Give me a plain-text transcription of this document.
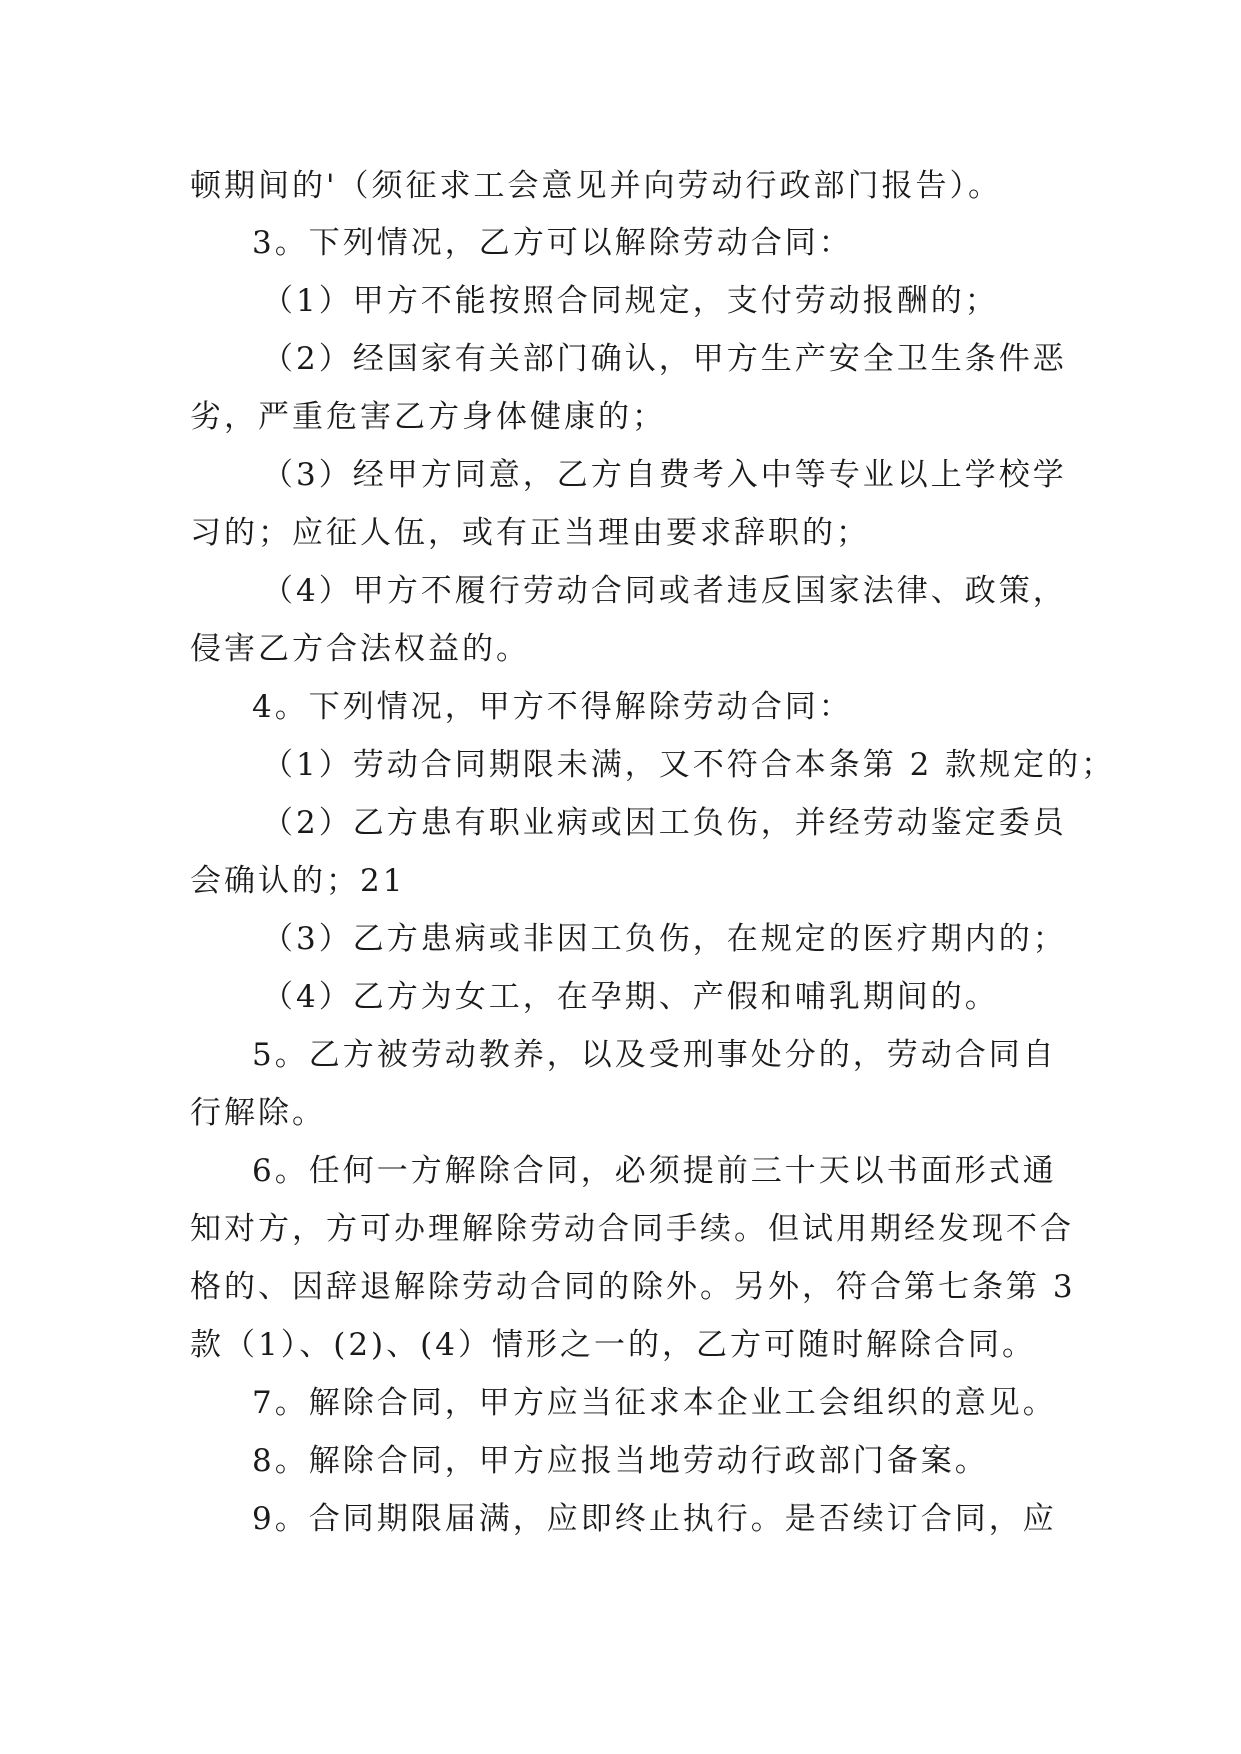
顿期间的'（须征求工会意见并向劳动行政部门报告）。
3。下列情况，乙方可以解除劳动合同：
（1）甲方不能按照合同规定，支付劳动报酬的；
（2）经国家有关部门确认，甲方生产安全卫生条件恶
劣，严重危害乙方身体健康的；
（3）经甲方同意，乙方自费考入中等专业以上学校学
习的；应征人伍，或有正当理由要求辞职的；
（4）甲方不履行劳动合同或者违反国家法律、政策，
侵害乙方合法权益的。
4。下列情况，甲方不得解除劳动合同：
（1）劳动合同期限未满，又不符合本条第 2 款规定的；
（2）乙方患有职业病或因工负伤，并经劳动鉴定委员
会确认的；21
（3）乙方患病或非因工负伤，在规定的医疗期内的；
（4）乙方为女工，在孕期、产假和哺乳期间的。
5。乙方被劳动教养，以及受刑事处分的，劳动合同自
行解除。
6。任何一方解除合同，必须提前三十天以书面形式通
知对方，方可办理解除劳动合同手续。但试用期经发现不合
格的、因辞退解除劳动合同的除外。另外，符合第七条第 3
款（1）、(2)、(4）情形之一的，乙方可随时解除合同。
7。解除合同，甲方应当征求本企业工会组织的意见。
8。解除合同，甲方应报当地劳动行政部门备案。
9。合同期限届满，应即终止执行。是否续订合同，应
